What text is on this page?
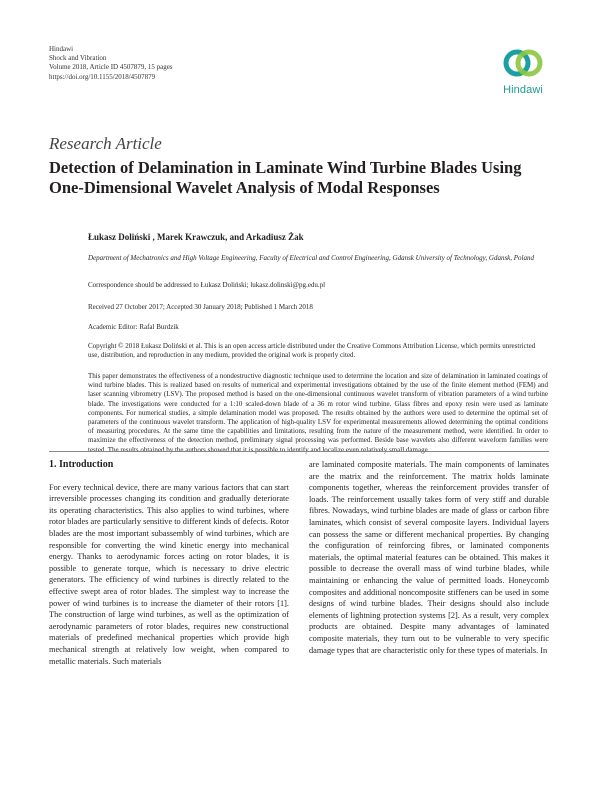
Hindawi
Shock and Vibration
Volume 2018, Article ID 4507879, 15 pages
https://doi.org/10.1155/2018/4507879
Hindawi
Research Article
Detection of Delamination in Laminate Wind Turbine Blades Using One-Dimensional Wavelet Analysis of Modal Responses
Łukasz Doliński , Marek Krawczuk, and Arkadiusz Żak
Department of Mechatronics and High Voltage Engineering, Faculty of Electrical and Control Engineering, Gdansk University of Technology, Gdansk, Poland
Correspondence should be addressed to Łukasz Doliński; lukasz.dolinski@pg.edu.pl
Received 27 October 2017; Accepted 30 January 2018; Published 1 March 2018
Academic Editor: Rafal Burdzik
Copyright © 2018 Łukasz Doliński et al. This is an open access article distributed under the Creative Commons Attribution License, which permits unrestricted use, distribution, and reproduction in any medium, provided the original work is properly cited.
This paper demonstrates the effectiveness of a nondestructive diagnostic technique used to determine the location and size of delamination in laminated coatings of wind turbine blades. This is realized based on results of numerical and experimental investigations obtained by the use of the finite element method (FEM) and laser scanning vibrometry (LSV). The proposed method is based on the one-dimensional continuous wavelet transform of vibration parameters of a wind turbine blade. The investigations were conducted for a 1:10 scaled-down blade of a 36 m rotor wind turbine. Glass fibres and epoxy resin were used as laminate components. For numerical studies, a simple delamination model was proposed. The results obtained by the authors were used to determine the optimal set of parameters of the continuous wavelet transform. The application of high-quality LSV for experimental measurements allowed determining the optimal conditions of measuring procedures. At the same time the capabilities and limitations, resulting from the nature of the measurement method, were identified. In order to maximize the effectiveness of the detection method, preliminary signal processing was performed. Beside base wavelets also different waveform families were tested. The results obtained by the authors showed that it is possible to identify and localize even relatively small damage.
1. Introduction
For every technical device, there are many various factors that can start irreversible processes changing its condition and gradually deteriorate its operating characteristics. This also applies to wind turbines, where rotor blades are particularly sensitive to different kinds of defects. Rotor blades are the most important subassembly of wind turbines, which are responsible for converting the wind kinetic energy into mechanical energy. Thanks to aerodynamic forces acting on rotor blades, it is possible to generate torque, which is necessary to drive electric generators. The efficiency of wind turbines is directly related to the effective swept area of rotor blades. The simplest way to increase the power of wind turbines is to increase the diameter of their rotors [1]. The construction of large wind turbines, as well as the optimization of aerodynamic parameters of rotor blades, requires new constructional materials of predefined mechanical properties which provide high mechanical strength at relatively low weight, when compared to metallic materials. Such materials
are laminated composite materials. The main components of laminates are the matrix and the reinforcement. The matrix holds laminate components together, whereas the reinforcement provides transfer of loads. The reinforcement usually takes form of very stiff and durable fibres. Nowadays, wind turbine blades are made of glass or carbon fibre laminates, which consist of several composite layers. Individual layers can possess the same or different mechanical properties. By changing the configuration of reinforcing fibres, or laminated components materials, the optimal material features can be obtained. This makes it possible to decrease the overall mass of wind turbine blades, while maintaining or enhancing the value of permitted loads. Honeycomb composites and additional noncomposite stiffeners can be used in some designs of wind turbine blades. Their designs should also include elements of lightning protection systems [2]. As a result, very complex products are obtained. Despite many advantages of laminated composite materials, they turn out to be vulnerable to very specific damage types that are characteristic only for these types of materials. In
